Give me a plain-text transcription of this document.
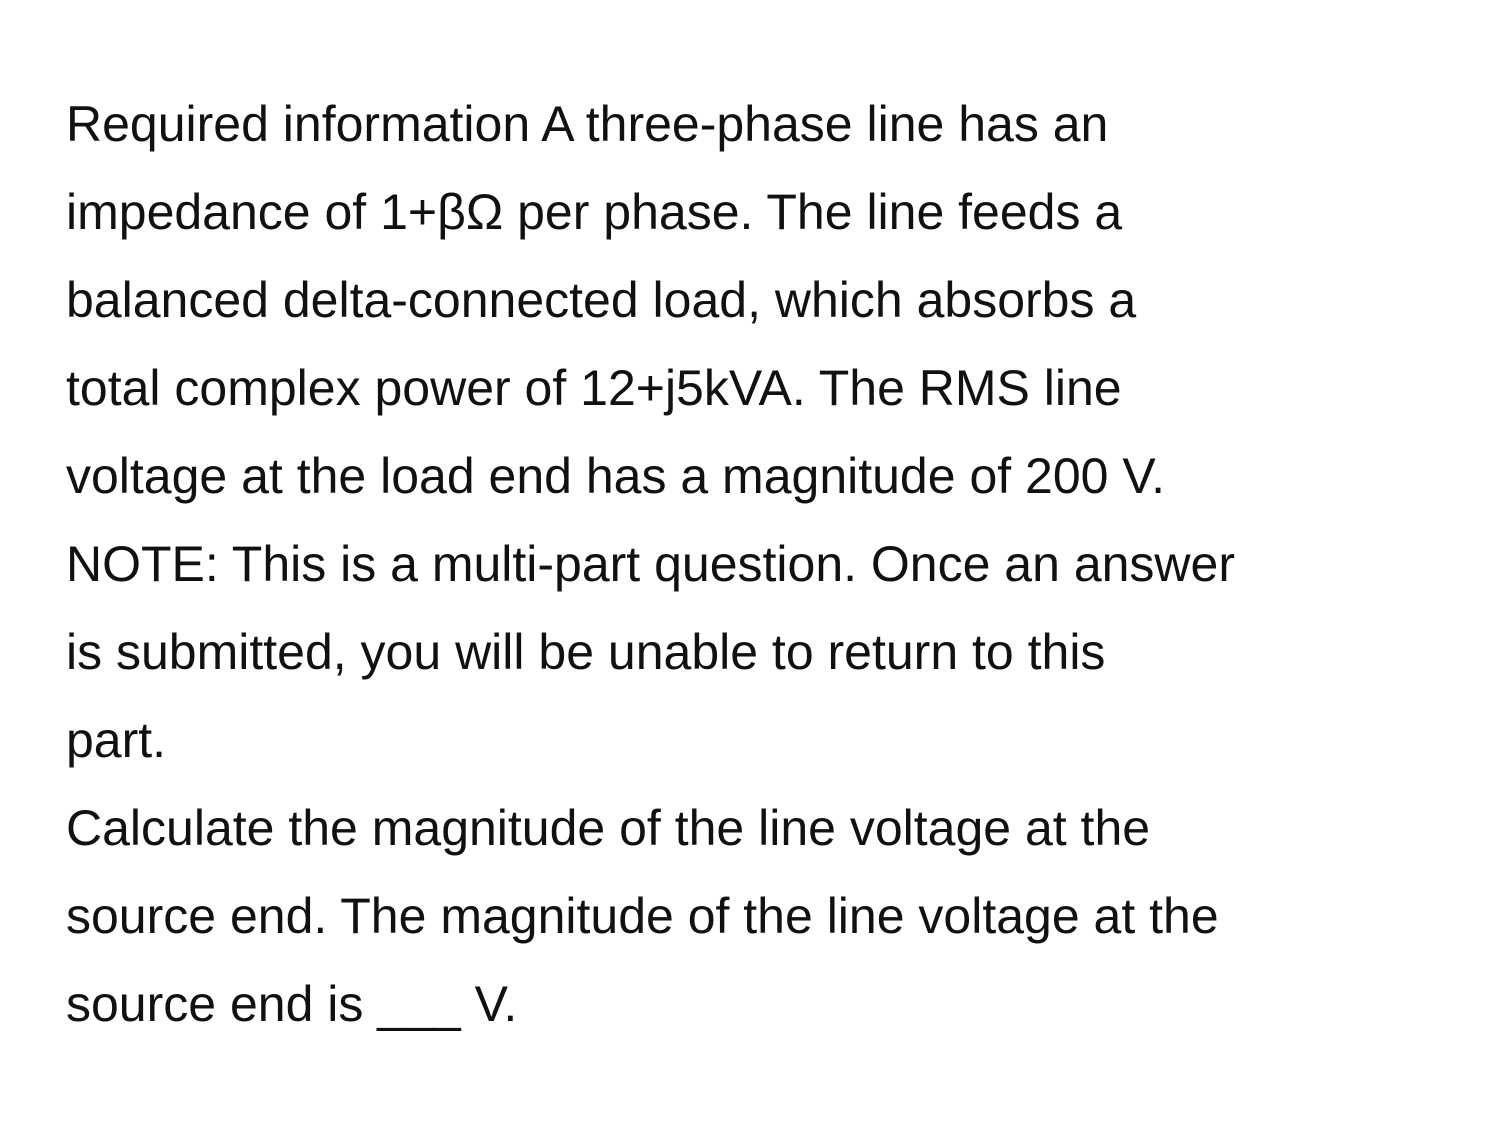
Required information A three-phase line has an
impedance of 1+βΩ per phase. The line feeds a
balanced delta-connected load, which absorbs a
total complex power of 12+j5kVA. The RMS line
voltage at the load end has a magnitude of 200 V.
NOTE: This is a multi-part question. Once an answer
is submitted, you will be unable to return to this
part.
Calculate the magnitude of the line voltage at the
source end. The magnitude of the line voltage at the
source end is ___ V.
